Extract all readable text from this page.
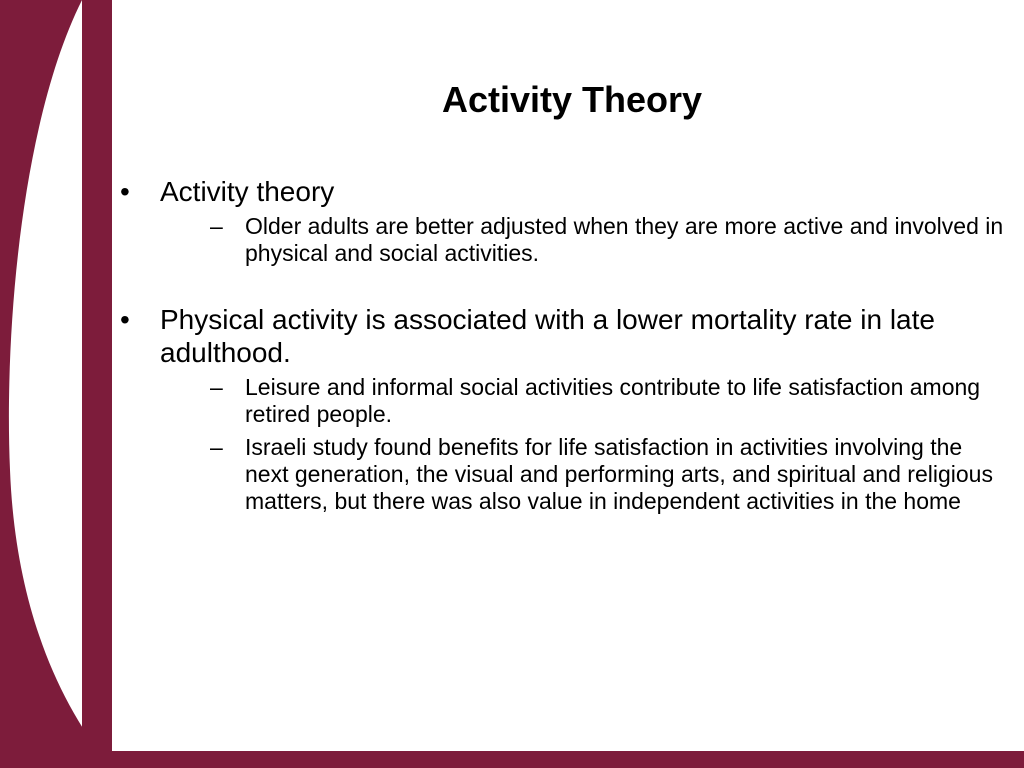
Activity Theory
•	Activity theory
– Older adults are better adjusted when they are more active and involved in physical and social activities.
•	Physical activity is associated with a lower mortality rate in late adulthood.
– Leisure and informal social activities contribute to life satisfaction among retired people.
– Israeli study found benefits for life satisfaction in activities involving the next generation, the visual and performing arts, and spiritual and religious matters, but there was also value in independent activities in the home
